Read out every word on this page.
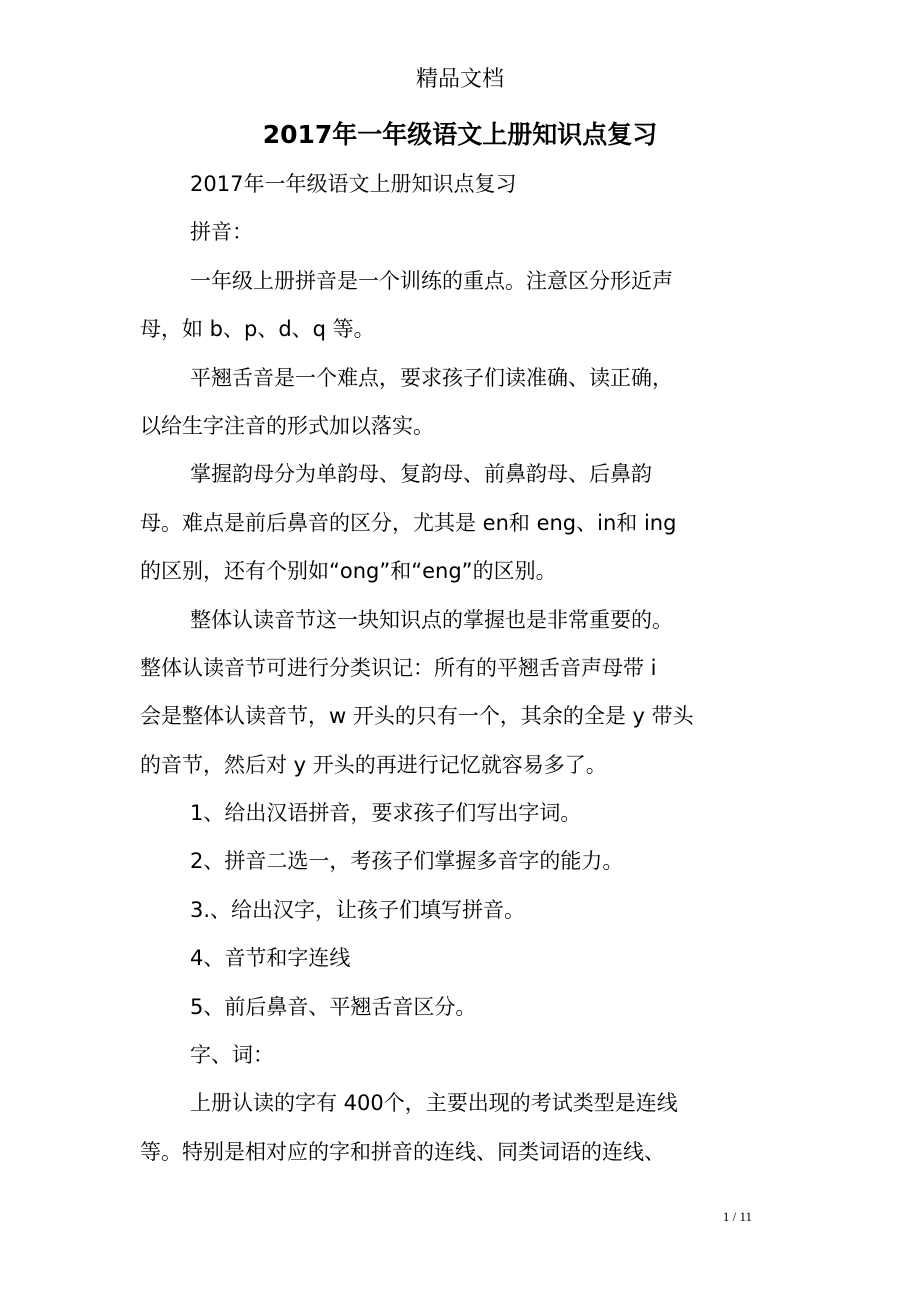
精品文档
2017年一年级语文上册知识点复习
2017年一年级语文上册知识点复习
拼音：
一年级上册拼音是一个训练的重点。注意区分形近声
母，如 b、p、d、q 等。
平翘舌音是一个难点，要求孩子们读准确、读正确，
以给生字注音的形式加以落实。
掌握韵母分为单韵母、复韵母、前鼻韵母、后鼻韵
母。难点是前后鼻音的区分，尤其是 en和 eng、in和 ing
的区别，还有个别如“ong”和“eng”的区别。
整体认读音节这一块知识点的掌握也是非常重要的。
整体认读音节可进行分类识记：所有的平翘舌音声母带 i
会是整体认读音节，w 开头的只有一个，其余的全是 y 带头
的音节，然后对 y 开头的再进行记忆就容易多了。
1、给出汉语拼音，要求孩子们写出字词。
2、拼音二选一，考孩子们掌握多音字的能力。
3.、给出汉字，让孩子们填写拼音。
4、音节和字连线
5、前后鼻音、平翘舌音区分。
字、词：
上册认读的字有 400个，主要出现的考试类型是连线
等。特别是相对应的字和拼音的连线、同类词语的连线、
1 / 11
